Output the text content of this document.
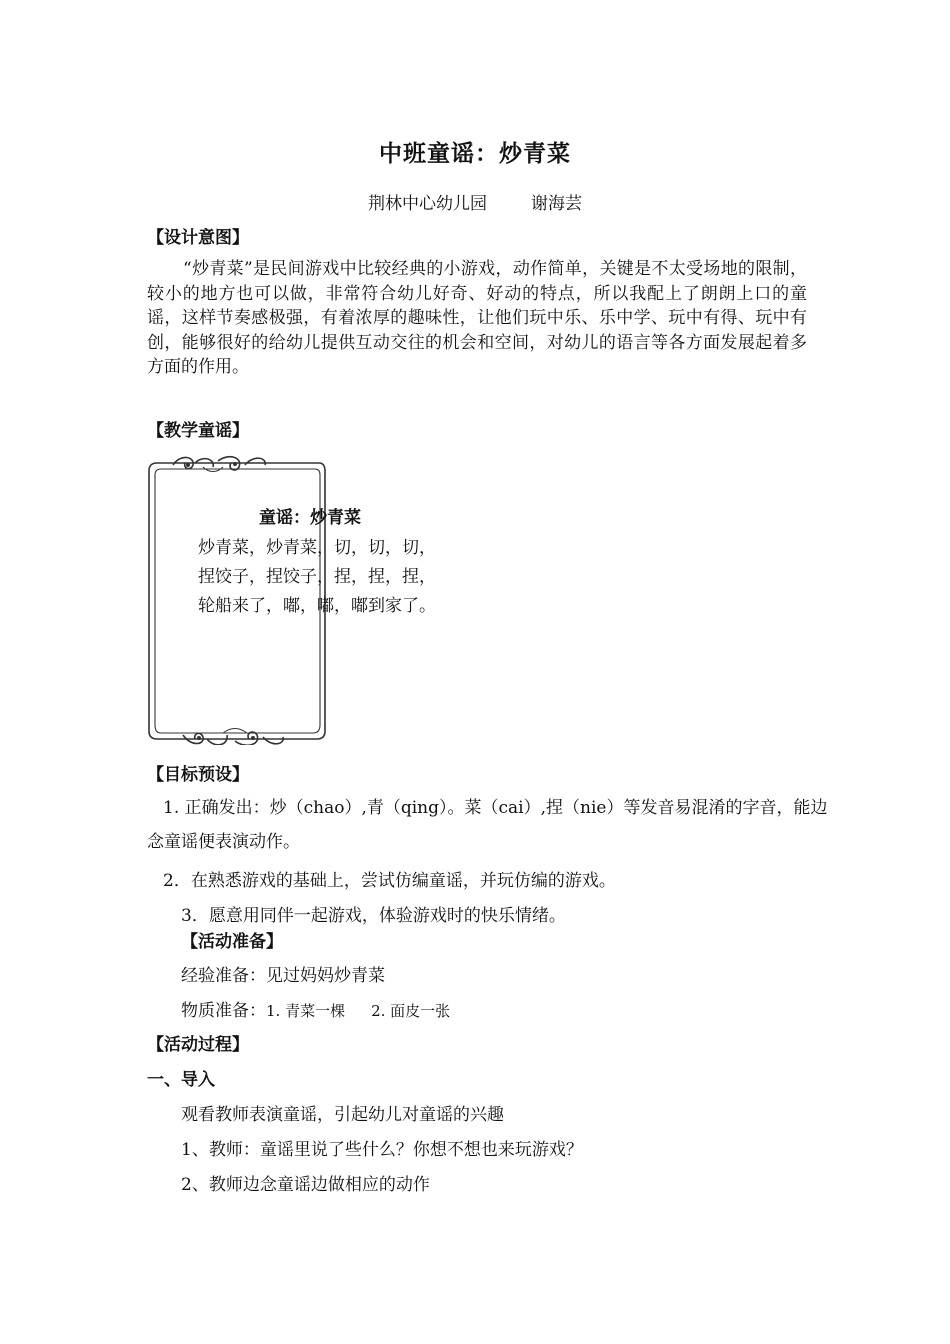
中班童谣：炒青菜
荆林中心幼儿园	谢海芸
【设计意图】
“炒青菜”是民间游戏中比较经典的小游戏，动作简单，关键是不太受场地的限制，较小的地方也可以做，非常符合幼儿好奇、好动的特点，所以我配上了朗朗上口的童谣，这样节奏感极强，有着浓厚的趣味性，让他们玩中乐、乐中学、玩中有得、玩中有创，能够很好的给幼儿提供互动交往的机会和空间，对幼儿的语言等各方面发展起着多方面的作用。
【教学童谣】
童谣：炒青菜
炒青菜，炒青菜，切，切，切，
捏饺子，捏饺子，捏，捏，捏，
轮船来了，嘟，嘟，嘟到家了。
【目标预设】
1. 正确发出：炒（chao）,青（qing）。菜（cai）,捏（nie）等发音易混淆的字音，能边
念童谣便表演动作。
2．在熟悉游戏的基础上，尝试仿编童谣，并玩仿编的游戏。
3．愿意用同伴一起游戏，体验游戏时的快乐情绪。
【活动准备】
经验准备：见过妈妈炒青菜
物质准备：1. 青菜一棵 2. 面皮一张
【活动过程】
一、导入
观看教师表演童谣，引起幼儿对童谣的兴趣
1、教师：童谣里说了些什么？你想不想也来玩游戏？
2、教师边念童谣边做相应的动作
